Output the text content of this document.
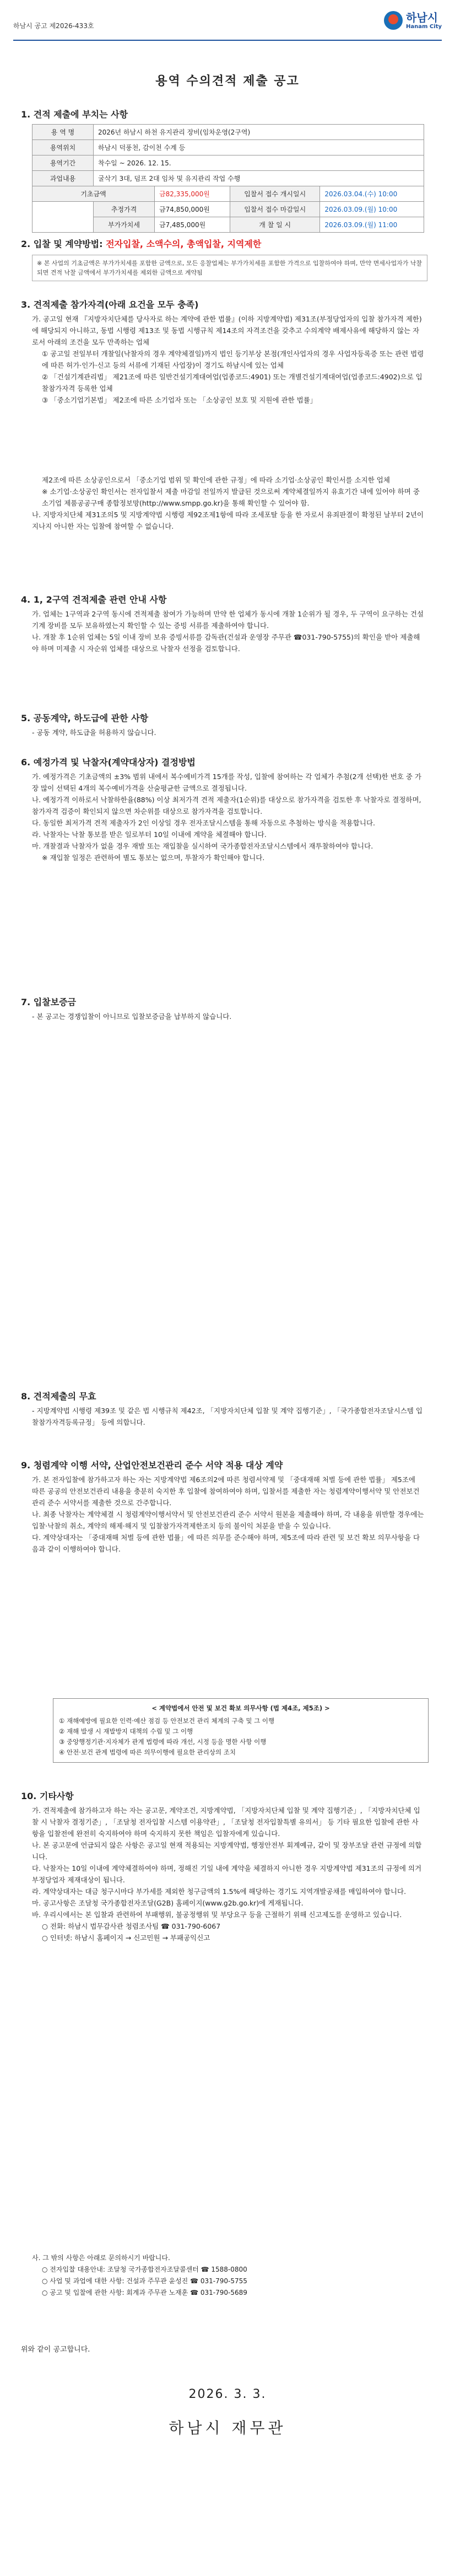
하남시 공고 제2026-433호
하남시
Hanam City
용역 수의견적 제출 공고
1. 견적 제출에 부치는 사항
용 역 명	2026년 하남시 하천 유지관리 장비(임차운영(2구역)			
용역위치	하남시 덕풍천, 감이천 수계 등			
용역기간	착수일 ~ 2026. 12. 15.			
과업내용	굴삭기 3대, 덤프 2대 임차 및 유지관리 작업 수행			
기초금액		금82,335,000원	입찰서 접수 개시일시	2026.03.04.(수) 10:00
	추정가격	금74,850,000원	입찰서 접수 마감일시	2026.03.09.(월) 10:00
	부가가치세	금7,485,000원	개 찰 일 시	2026.03.09.(월) 11:00
2. 입찰 및 계약방법: 전자입찰, 소액수의, 총액입찰, 지역제한
※ 본 사업의 기초금액은 부가가치세를 포함한 금액으로, 모든 응찰업체는 부가가치세를 포함한 가격으로 입찰하여야 하며, 만약 면세사업자가 낙찰되면 견적 낙찰 금액에서 부가가치세를 제외한 금액으로 계약됨
3. 견적제출 참가자격(아래 요건을 모두 충족)

가. 공고일 현재 『지방자치단체를 당사자로 하는 계약에 관한 법률』(이하 지방계약법) 제31조(부정당업자의 입찰 참가자격 제한)에 해당되지 아니하고, 동법 시행령 제13조 및 동법 시행규칙 제14조의 자격조건을 갖추고 수의계약 배제사유에 해당하지 않는 자로서 아래의 조건을 모두 만족하는 업체

① 공고일 전일부터 개찰일(낙찰자의 경우 계약체결일)까지 법인 등기부상 본점(개인사업자의 경우 사업자등록증 또는 관련 법령에 따른 허가·인가·신고 등의 서류에 기재된 사업장)이 경기도 하남시에 있는 업체

② 「건설기계관리법」 제21조에 따른 일반건설기계대여업(업종코드:4901) 또는 개별건설기계대여업(업종코드:4902)으로 입찰참가자격 등록한 업체

③ 「중소기업기본법」 제2조에 따른 소기업자 또는 「소상공인 보호 및 지원에 관한 법률」

제2조에 따른 소상공인으로서 「중소기업 범위 및 확인에 관한 규정」에 따라 소기업·소상공인 확인서를 소지한 업체

※ 소기업·소상공인 확인서는 전자입찰서 제출 마감일 전일까지 발급된 것으로써 계약체결일까지 유효기간 내에 있어야 하며 중소기업 제품공공구매 종합정보망(http://www.smpp.go.kr)을 통해 확인할 수 있어야 함.

나. 지방자치단체 제31조의5 및 지방계약법 시행령 제92조제1항에 따라 조세포탈 등을 한 자로서 유죄판결이 확정된 날부터 2년이 지나지 아니한 자는 입찰에 참여할 수 없습니다.

4. 1, 2구역 견적제출 관련 안내 사항

가. 업체는 1구역과 2구역 동시에 견적제출 참여가 가능하며 만약 한 업체가 동시에 개찰 1순위가 될 경우, 두 구역이 요구하는 건설기계 장비를 모두 보유하였는지 확인할 수 있는 증빙 서류를 제출하여야 합니다.

나. 개찰 후 1순위 업체는 5일 이내 장비 보유 증빙서류를 감독관(건설과 운영장 주무관 ☎031-790-5755)의 확인을 받아 제출해야 하며 미제출 시 자순위 업체를 대상으로 낙찰자 선정을 검토합니다.

5. 공동계약, 하도급에 관한 사항

- 공동 계약, 하도급을 허용하지 않습니다.

6. 예정가격 및 낙찰자(계약대상자) 결정방법

가. 예정가격은 기초금액의 ±3% 범위 내에서 복수예비가격 15개를 작성, 입찰에 참여하는 각 업체가 추첨(2개 선택)한 번호 중 가장 많이 선택된 4개의 복수예비가격을 산술평균한 금액으로 결정됩니다.

나. 예정가격 이하로서 낙찰하한율(88%) 이상 최저가격 견적 제출자(1순위)를 대상으로 참가자격을 검토한 후 낙찰자로 결정하며, 참가자격 검증이 확인되지 않으면 차순위를 대상으로 참가자격을 검토합니다.

다. 동일한 최저가격 견적 제출자가 2인 이상일 경우 전자조달시스템을 통해 자동으로 추첨하는 방식을 적용합니다.

라. 낙찰자는 낙찰 통보를 받은 일로부터 10일 이내에 계약을 체결해야 합니다.

마. 개찰결과 낙찰자가 없을 경우 재발 또는 재입찰을 실시하여 국가종합전자조달시스템에서 재투찰하여야 합니다.

※ 재입찰 일정은 관련하여 별도 통보는 없으며, 투찰자가 확인해야 합니다.

7. 입찰보증금

- 본 공고는 경쟁입찰이 아니므로 입찰보증금을 납부하지 않습니다.

8. 견적제출의 무효

- 지방계약법 시행령 제39조 및 같은 법 시행규칙 제42조, 「지방자치단체 입찰 및 계약 집행기준」, 「국가종합전자조달시스템 입찰참가자격등록규정」 등에 의합니다.

9. 청렴계약 이행 서약, 산업안전보건관리 준수 서약 적용 대상 계약

가. 본 전자입찰에 참가하고자 하는 자는 지방계약법 제6조의2에 따른 청렴서약제 및 「중대재해 처벌 등에 관한 법률」 제5조에 따른 공공의 안전보건관리 내용을 충분히 숙지한 후 입찰에 참여하여야 하며, 입찰서를 제출한 자는 청렴계약이행서약 및 안전보건관리 준수 서약서를 제출한 것으로 간주합니다.

나. 최종 낙찰자는 계약체결 시 청렴계약이행서약서 및 안전보건관리 준수 서약서 원본을 제출해야 하며, 각 내용을 위반할 경우에는 입찰·낙찰의 취소, 계약의 해제·해지 및 입찰참가자격제한조치 등의 불이익 처분을 받을 수 있습니다.

다. 계약상대자는 「중대재해 처벌 등에 관한 법률」에 따른 의무를 준수해야 하며, 제5조에 따라 관련 및 보건 확보 의무사항을 다음과 같이 이행하여야 합니다.

< 계약법에서 안전 및 보건 확보 의무사항 (법 제4조, 제5조) >
① 재해예방에 필요한 인력·예산 점검 등 안전보건 관리 체계의 구축 및 그 이행
② 재해 발생 시 재발방지 대책의 수립 및 그 이행
③ 중앙행정기관·지자체가 관계 법령에 따라 개선, 시정 등을 명한 사항 이행
④ 안전·보건 관계 법령에 따른 의무이행에 필요한 관리상의 조치
10. 기타사항

가. 견적제출에 참가하고자 하는 자는 공고문, 계약조건, 지방계약법, 「지방자치단체 입찰 및 계약 집행기준」, 「지방자치단체 입찰 시 낙찰자 결정기준」, 「조달청 전자입찰 시스템 이용약관」, 「조달청 전자입찰특별 유의서」 등 기타 필요한 입찰에 관한 사항을 입찰전에 완전히 숙지하여야 하며 숙지하지 못한 책임은 입찰자에게 있습니다.

나. 본 공고문에 언급되지 않은 사항은 공고일 현재 적용되는 지방계약법, 행정안전부 회계예규, 같이 및 장부조달 관련 규정에 의합니다.

다. 낙찰자는 10일 이내에 계약체결하여야 하며, 정해진 기일 내에 계약을 체결하지 아니한 경우 지방계약법 제31조의 규정에 의거 부정당업자 제재대상이 됩니다.

라. 계약상대자는 대금 청구시마다 부가세를 제외한 청구금액의 1.5%에 해당하는 경기도 지역개발공채를 매입하여야 합니다.

마. 공고사항은 조달청 국가종합전자조달(G2B) 홈페이지(www.g2b.go.kr)에 게재됩니다.

바. 우리시에서는 본 입찰과 관련하여 부패행위, 불공정행위 및 부당요구 등을 근절하기 위해 신고제도를 운영하고 있습니다.

○ 전화: 하남시 법무감사관 청렴조사팀 ☎ 031-790-6067

○ 인터넷: 하남시 홈페이지 → 신고민원 → 부패공익신고

사. 그 밖의 사항은 아래로 문의하시기 바랍니다.

○ 전자입찰 대용안내: 조달청 국가종합전자조달콜센터 ☎ 1588-0800

○ 사업 및 과업에 대한 사항: 건설과 주무관 윤성진 ☎ 031-790-5755

○ 공고 및 입찰에 관한 사항: 회계과 주무관 노재훈 ☎ 031-790-5689

위와 같이 공고합니다.
2026. 3. 3.
하남시 재무관
